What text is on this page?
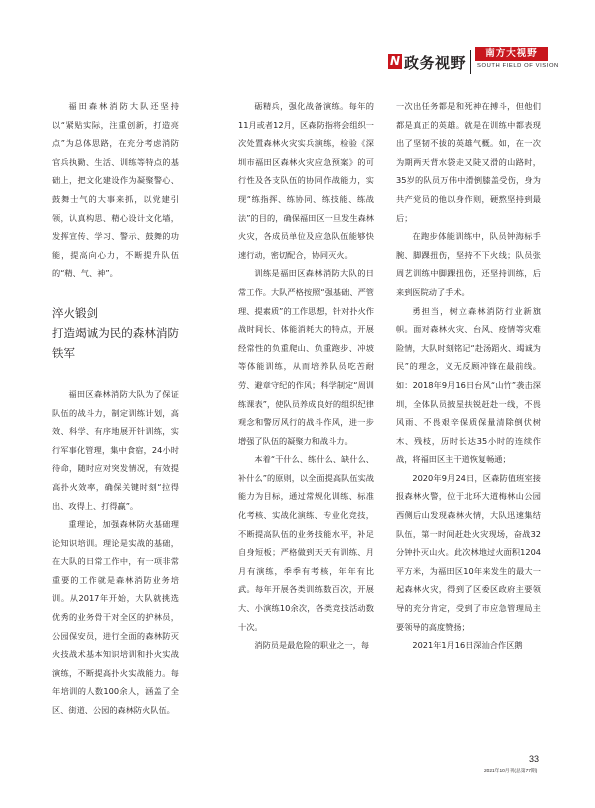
N 政务视野
南方大视野
SOUTH FIELD OF VISION

福田森林消防大队还坚持以“紧贴实际，注重创新，打造亮点”为总体思路，在充分考虑消防官兵执勤、生活、训练等特点的基础上，把文化建设作为凝聚警心、鼓舞士气的大事来抓，以党建引领，认真构思、精心设计文化墙，发挥宣传、学习、警示、鼓舞的功能，提高向心力，不断提升队伍的“精、气、神”。

淬火锻剑
打造竭诚为民的森林消防铁军

福田区森林消防大队为了保证队伍的战斗力，制定训练计划，高效、科学、有序地展开针训练，实行军事化管理，集中食宿，24小时待命，随时应对突发情况，有效提高扑火效率，确保关键时刻“拉得出、攻得上、打得赢”。

重理论，加强森林防火基础理论知识培训。理论是实战的基础，在大队的日常工作中，有一项非常重要的工作就是森林消防业务培训。从2017年开始，大队就挑选优秀的业务骨干对全区的护林员，公园保安员，进行全面的森林防灭火技战术基本知识培训和扑火实战演练，不断提高扑火实战能力。每年培训的人数100余人，涵盖了全区、街道、公园的森林防火队伍。

砺精兵，强化战备演练。每年的11月或者12月，区森防指将会组织一次处置森林火灾实兵演练，检验《深圳市福田区森林火灾应急预案》的可行性及各支队伍的协同作战能力，实现“练指挥、练协同、练技能、练战法”的目的，确保福田区一旦发生森林火灾，各成员单位及应急队伍能够快速行动，密切配合，协同灭火。

训练是福田区森林消防大队的日常工作。大队严格按照“强基础、严管理、提素质”的工作思想，针对扑火作战时间长、体能消耗大的特点，开展经常性的负重爬山、负重跑步、冲坡等体能训练，从而培养队员吃苦耐劳、避章守纪的作风；科学制定“周训练课表”，使队员养成良好的组织纪律观念和警厉风行的战斗作风，进一步增强了队伍的凝聚力和战斗力。

本着“干什么、练什么、缺什么、补什么”的原则，以全面提高队伍实战能力为目标，通过常规化训练、标准化考核、实战化演练、专业化竞技，不断提高队伍的业务技能水平，补足自身短板；严格做到天天有训练、月月有演练，季季有考核，年年有比武。每年开展各类训练数百次，开展大、小演练10余次，各类竞技活动数十次。

消防员是最危险的职业之一，每

一次出任务都是和死神在搏斗，但他们都是真正的英雄。就是在训练中都表现出了坚韧不拔的英雄气概。如，在一次为期两天背水袋走又陡又滑的山路时，35岁的队员万伟中滑倒膝盖受伤，身为共产党员的他以身作则，硬熬坚持到最后；

在跑步体能训练中，队员钟海标手腕、脚踝扭伤，坚持不下火线；队员张周艺训练中脚踝扭伤，还坚持训练，后来到医院动了手术。

勇担当，树立森林消防行业新旗帜。面对森林火灾、台风、疫情等灾难险情，大队时刻铭记“赴汤蹈火、竭诚为民”的理念，义无反顾冲锋在最前线。如：2018年9月16日台风“山竹”袭击深圳，全体队员披星扶锐赶赴一线，不畏风雨、不畏艰辛保质保量清除倒伏树木、残枝，历时长达35小时的连续作战，将福田区主干道恢复畅通；

2020年9月24日，区森防值班室接报森林火警，位于北环大道梅林山公园西侧后山发现森林火情，大队迅速集结队伍，第一时间赶赴火灾现场，奋战32分钟扑灭山火。此次林地过火面积1204平方米，为福田区10年来发生的最大一起森林火灾，得到了区委区政府主要领导的充分肯定，受到了市应急管理局主要领导的高度赞扬；

2021年1月16日深汕合作区鹅

33
2021年10月刊(总第77期)
